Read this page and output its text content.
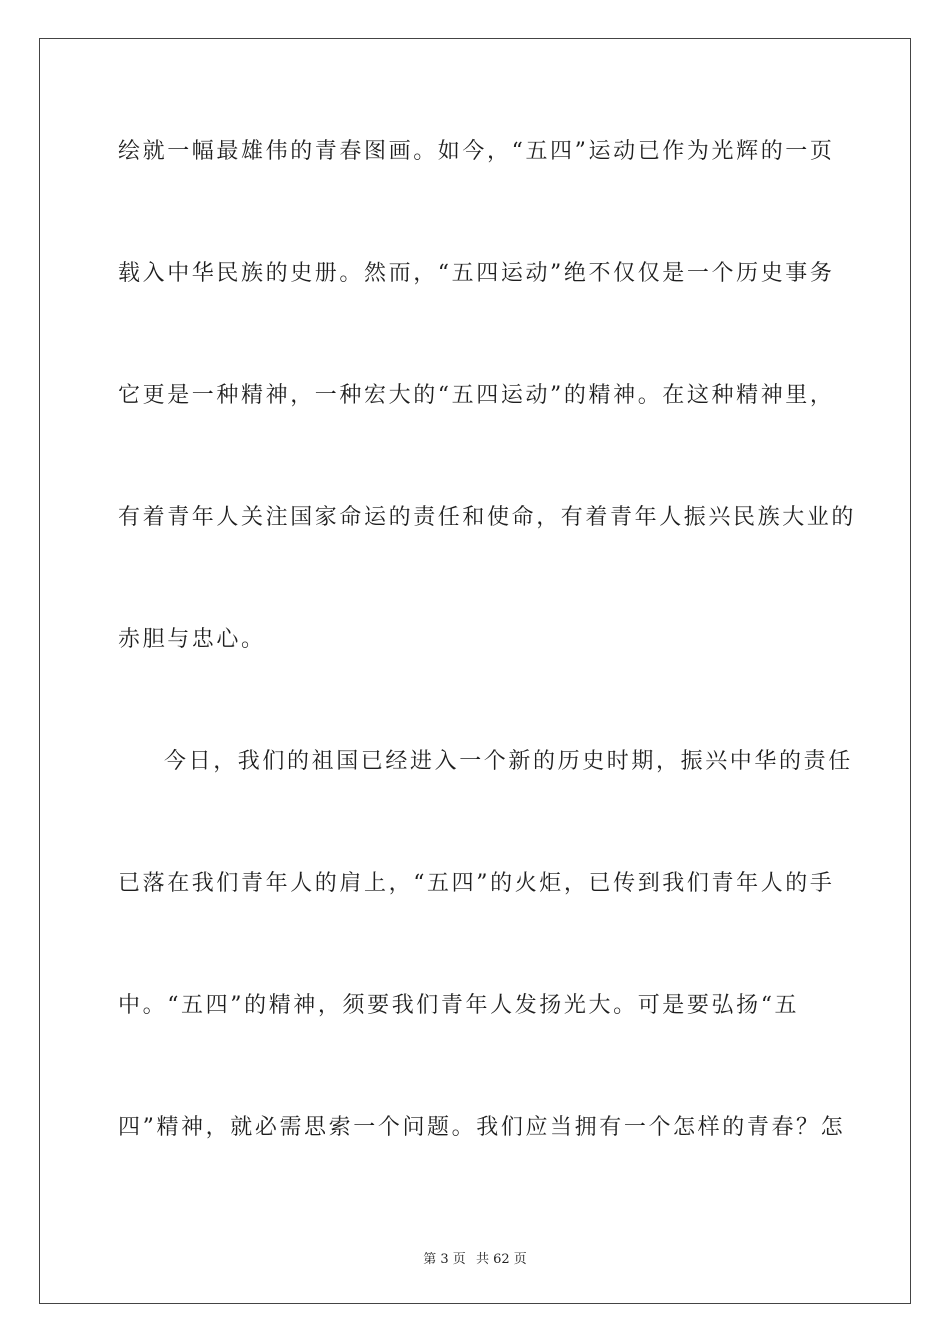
绘就一幅最雄伟的青春图画。如今，“五四”运动已作为光辉的一页
载入中华民族的史册。然而，“五四运动”绝不仅仅是一个历史事务
它更是一种精神，一种宏大的“五四运动”的精神。在这种精神里，
有着青年人关注国家命运的责任和使命，有着青年人振兴民族大业的
赤胆与忠心。
今日，我们的祖国已经进入一个新的历史时期，振兴中华的责任
已落在我们青年人的肩上，“五四”的火炬，已传到我们青年人的手
中。“五四”的精神，须要我们青年人发扬光大。可是要弘扬“五
四”精神，就必需思索一个问题。我们应当拥有一个怎样的青春？怎
第 3 页 共 62 页
